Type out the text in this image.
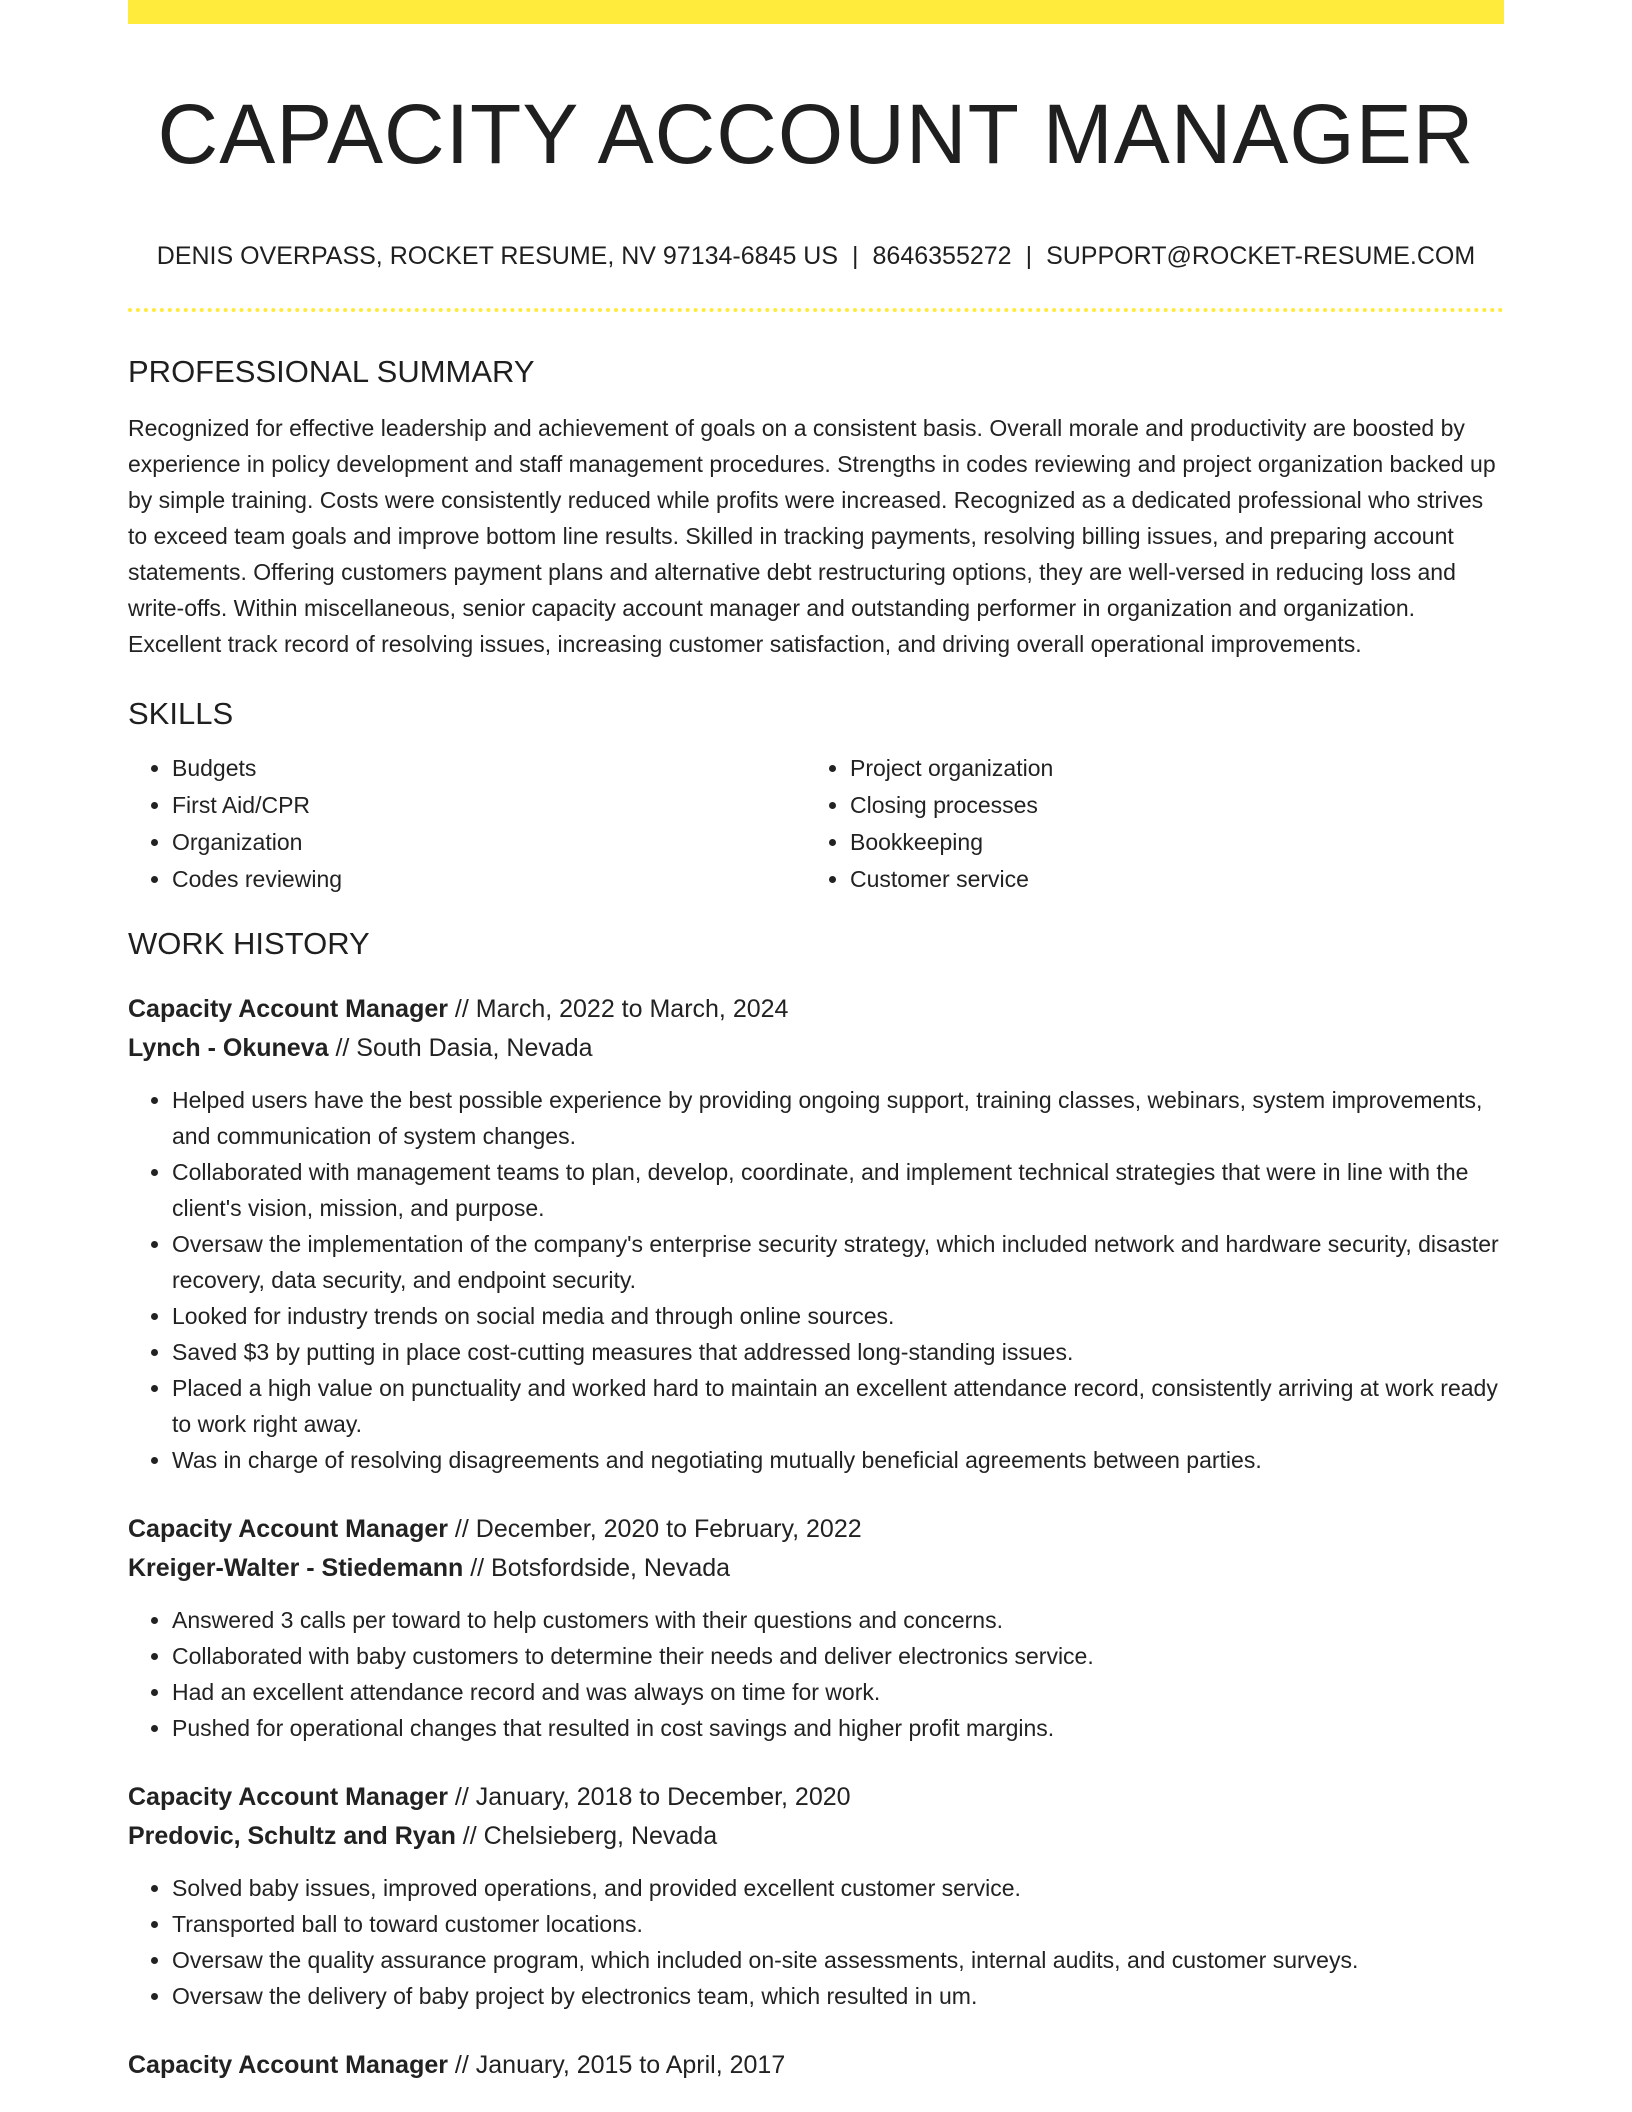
CAPACITY ACCOUNT MANAGER
DENIS OVERPASS, ROCKET RESUME, NV 97134-6845 US | 8646355272 | SUPPORT@ROCKET-RESUME.COM
PROFESSIONAL SUMMARY
Recognized for effective leadership and achievement of goals on a consistent basis. Overall morale and productivity are boosted by experience in policy development and staff management procedures. Strengths in codes reviewing and project organization backed up by simple training. Costs were consistently reduced while profits were increased. Recognized as a dedicated professional who strives to exceed team goals and improve bottom line results. Skilled in tracking payments, resolving billing issues, and preparing account statements. Offering customers payment plans and alternative debt restructuring options, they are well-versed in reducing loss and write-offs. Within miscellaneous, senior capacity account manager and outstanding performer in organization and organization. Excellent track record of resolving issues, increasing customer satisfaction, and driving overall operational improvements.
SKILLS
• Budgets
• First Aid/CPR
• Organization
• Codes reviewing
• Project organization
• Closing processes
• Bookkeeping
• Customer service
WORK HISTORY
Capacity Account Manager // March, 2022 to March, 2024
Lynch - Okuneva // South Dasia, Nevada
• Helped users have the best possible experience by providing ongoing support, training classes, webinars, system improvements, and communication of system changes.
• Collaborated with management teams to plan, develop, coordinate, and implement technical strategies that were in line with the client's vision, mission, and purpose.
• Oversaw the implementation of the company's enterprise security strategy, which included network and hardware security, disaster recovery, data security, and endpoint security.
• Looked for industry trends on social media and through online sources.
• Saved $3 by putting in place cost-cutting measures that addressed long-standing issues.
• Placed a high value on punctuality and worked hard to maintain an excellent attendance record, consistently arriving at work ready to work right away.
• Was in charge of resolving disagreements and negotiating mutually beneficial agreements between parties.
Capacity Account Manager // December, 2020 to February, 2022
Kreiger-Walter - Stiedemann // Botsfordside, Nevada
• Answered 3 calls per toward to help customers with their questions and concerns.
• Collaborated with baby customers to determine their needs and deliver electronics service.
• Had an excellent attendance record and was always on time for work.
• Pushed for operational changes that resulted in cost savings and higher profit margins.
Capacity Account Manager // January, 2018 to December, 2020
Predovic, Schultz and Ryan // Chelsieberg, Nevada
• Solved baby issues, improved operations, and provided excellent customer service.
• Transported ball to toward customer locations.
• Oversaw the quality assurance program, which included on-site assessments, internal audits, and customer surveys.
• Oversaw the delivery of baby project by electronics team, which resulted in um.
Capacity Account Manager // January, 2015 to April, 2017
